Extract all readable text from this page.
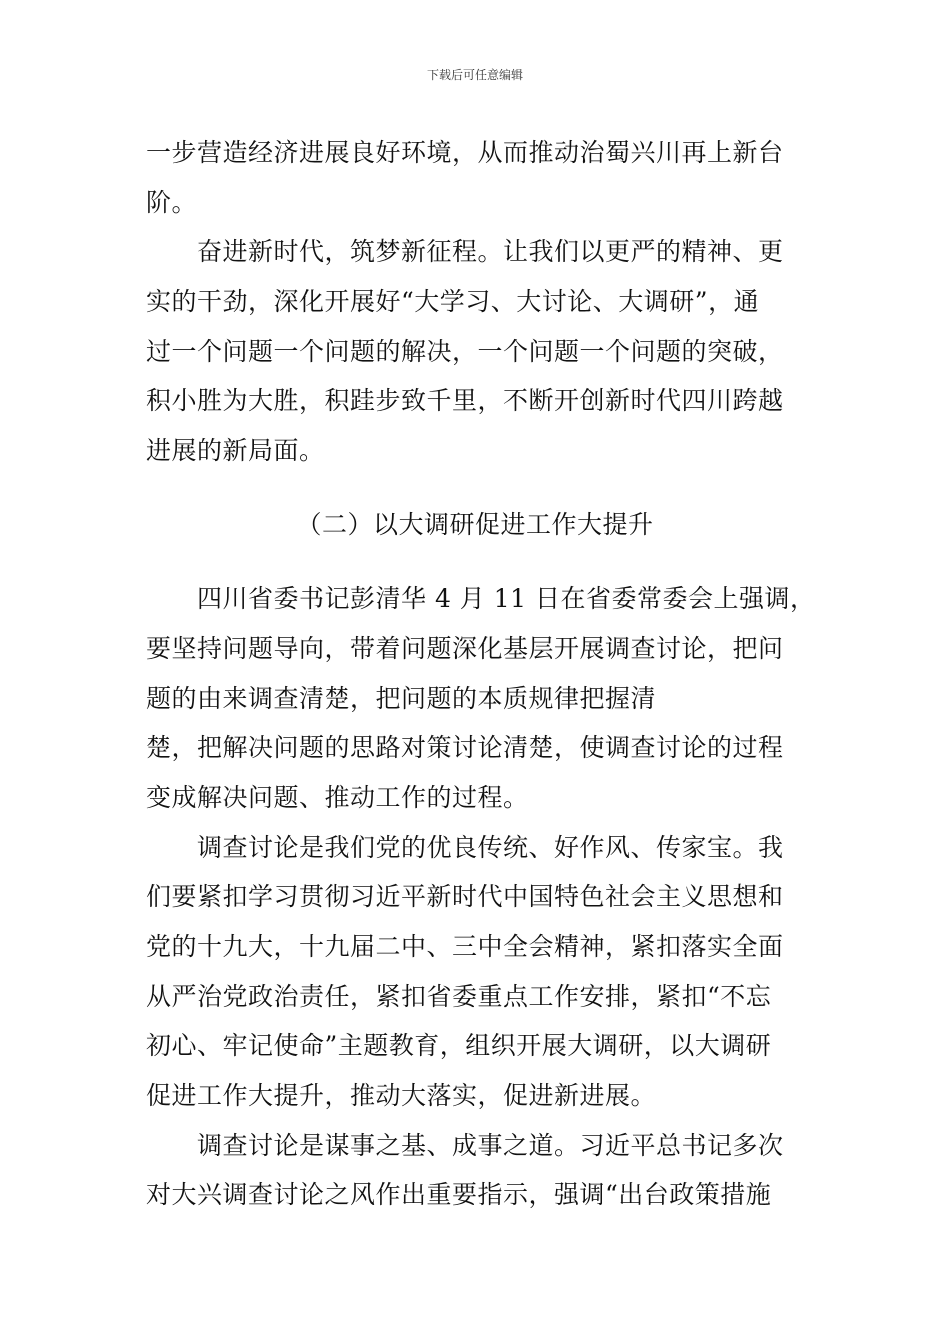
下载后可任意编辑
一步营造经济进展良好环境，从而推动治蜀兴川再上新台
阶。
　　奋进新时代，筑梦新征程。让我们以更严的精神、更
实的干劲，深化开展好“大学习、大讨论、大调研”，通
过一个问题一个问题的解决，一个问题一个问题的突破，
积小胜为大胜，积跬步致千里，不断开创新时代四川跨越
进展的新局面。
（二）以大调研促进工作大提升
　　四川省委书记彭清华 4 月 11 日在省委常委会上强调，
要坚持问题导向，带着问题深化基层开展调查讨论，把问
题的由来调查清楚，把问题的本质规律把握清
楚，把解决问题的思路对策讨论清楚，使调查讨论的过程
变成解决问题、推动工作的过程。
　　调查讨论是我们党的优良传统、好作风、传家宝。我
们要紧扣学习贯彻习近平新时代中国特色社会主义思想和
党的十九大，十九届二中、三中全会精神，紧扣落实全面
从严治党政治责任，紧扣省委重点工作安排，紧扣“不忘
初心、牢记使命”主题教育，组织开展大调研，以大调研
促进工作大提升，推动大落实，促进新进展。
　　调查讨论是谋事之基、成事之道。习近平总书记多次
对大兴调查讨论之风作出重要指示，强调“出台政策措施
